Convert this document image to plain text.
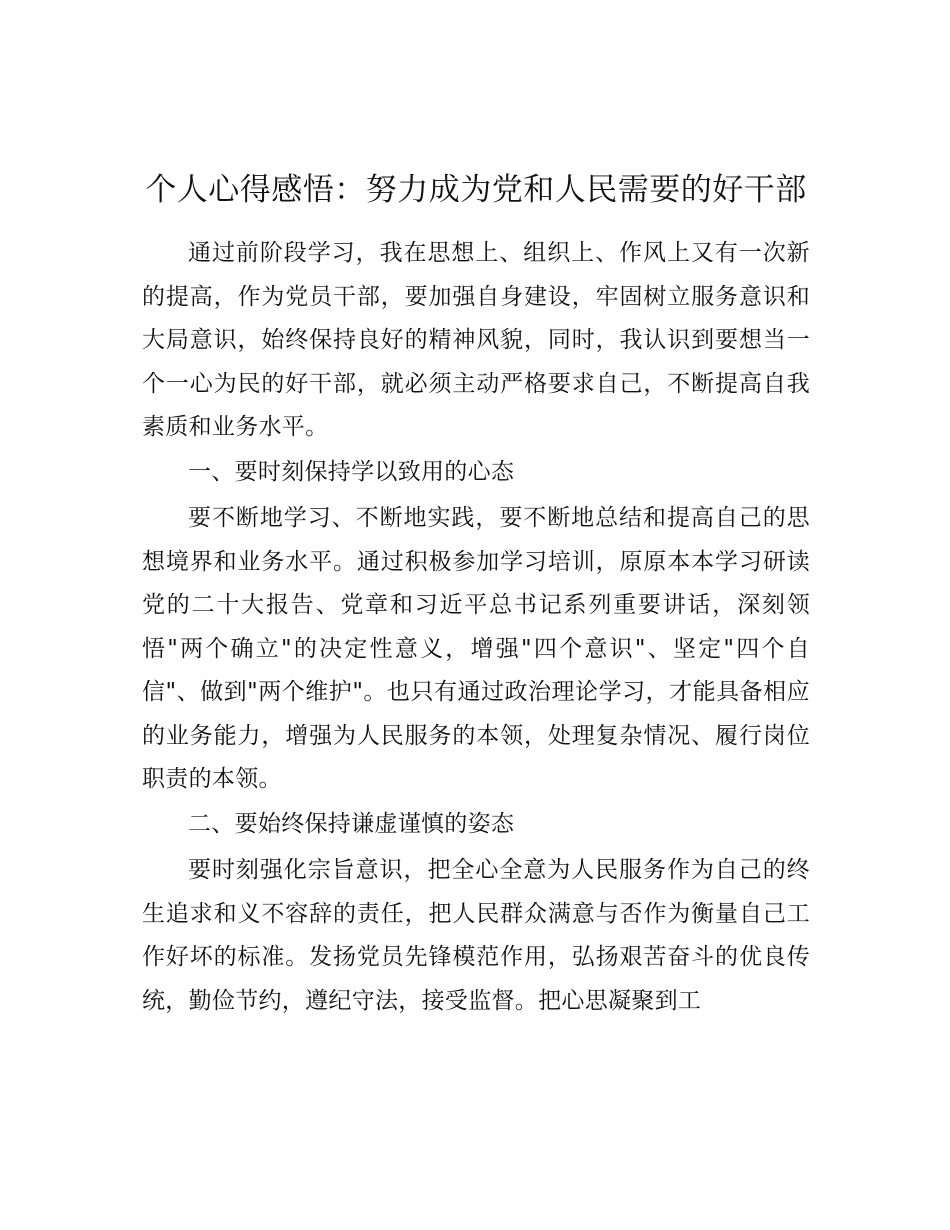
个人心得感悟：努力成为党和人民需要的好干部

通过前阶段学习，我在思想上、组织上、作风上又有一次新的提高，作为党员干部，要加强自身建设，牢固树立服务意识和大局意识，始终保持良好的精神风貌，同时，我认识到要想当一个一心为民的好干部，就必须主动严格要求自己，不断提高自我素质和业务水平。

一、要时刻保持学以致用的心态

要不断地学习、不断地实践，要不断地总结和提高自己的思想境界和业务水平。通过积极参加学习培训，原原本本学习研读党的二十大报告、党章和习近平总书记系列重要讲话，深刻领悟"两个确立"的决定性意义，增强"四个意识"、坚定"四个自信"、做到"两个维护"。也只有通过政治理论学习，才能具备相应的业务能力，增强为人民服务的本领，处理复杂情况、履行岗位职责的本领。

二、要始终保持谦虚谨慎的姿态

要时刻强化宗旨意识，把全心全意为人民服务作为自己的终生追求和义不容辞的责任，把人民群众满意与否作为衡量自己工作好坏的标准。发扬党员先锋模范作用，弘扬艰苦奋斗的优良传统，勤俭节约，遵纪守法，接受监督。把心思凝聚到工
